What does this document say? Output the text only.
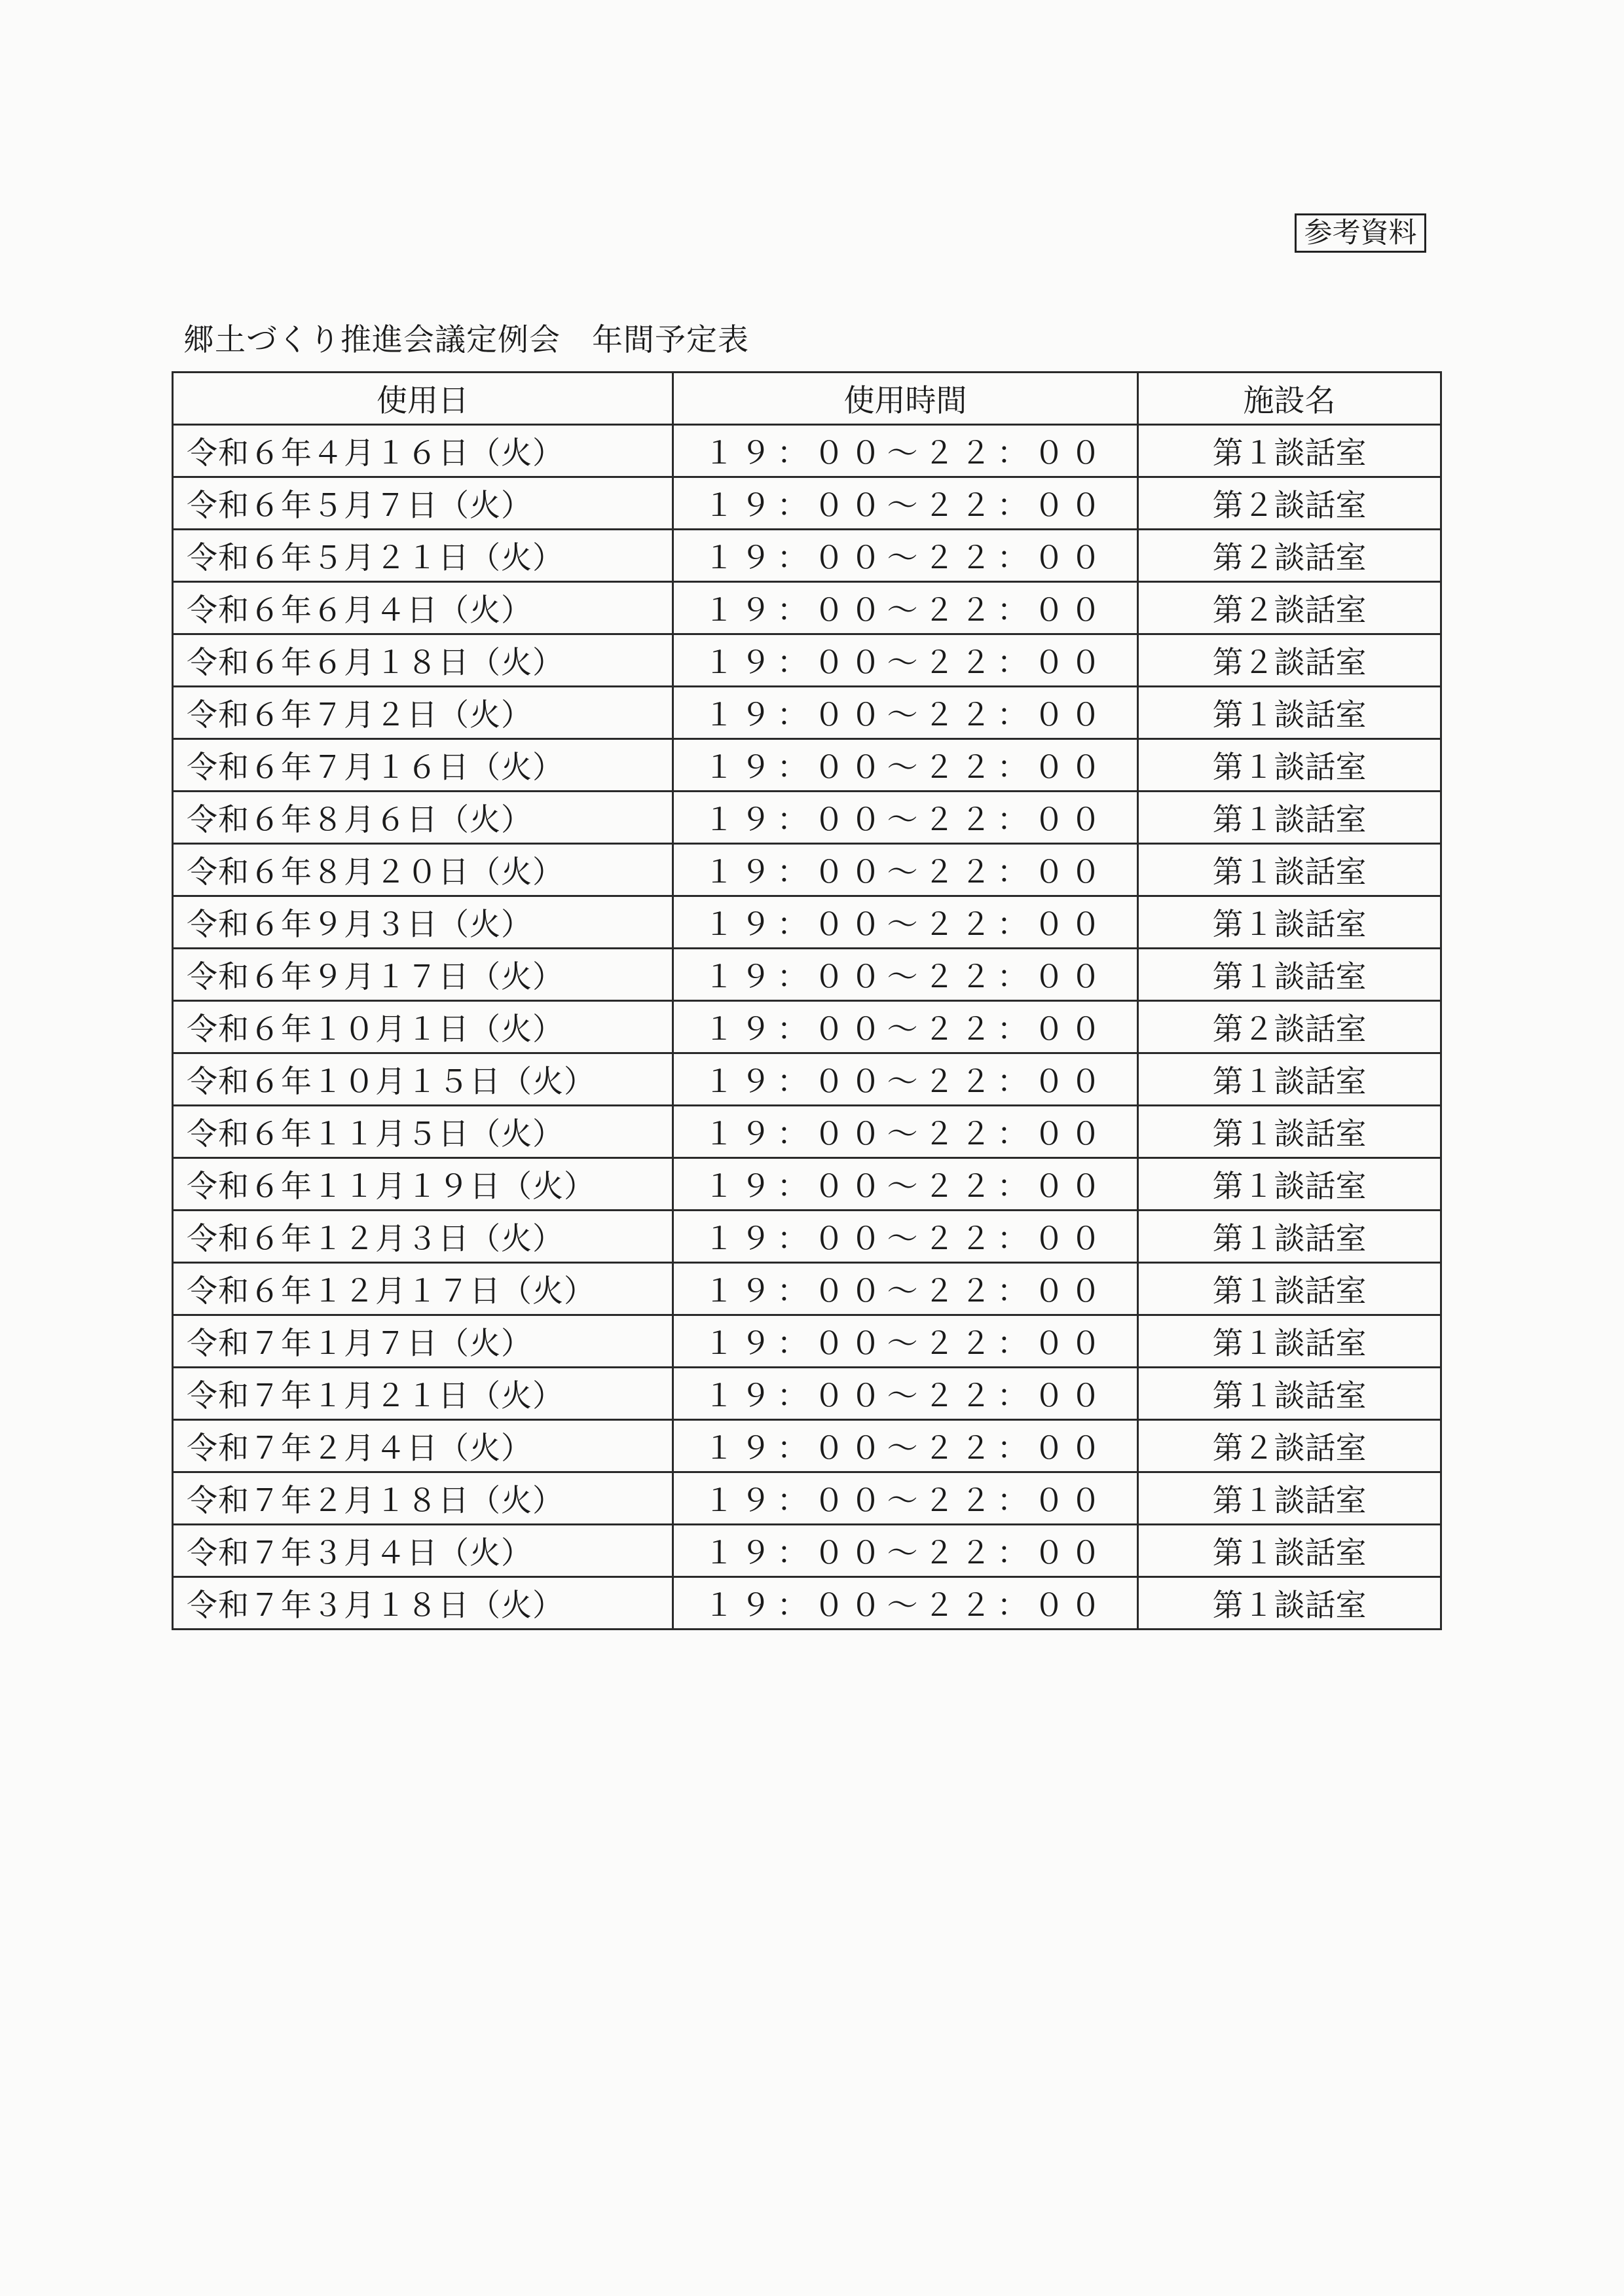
参考資料
郷土づくり推進会議定例会　年間予定表
使用日	使用時間	施設名
令和６年４月１６日（火）	１９：００～２２：００	第１談話室
令和６年５月７日（火）	１９：００～２２：００	第２談話室
令和６年５月２１日（火）	１９：００～２２：００	第２談話室
令和６年６月４日（火）	１９：００～２２：００	第２談話室
令和６年６月１８日（火）	１９：００～２２：００	第２談話室
令和６年７月２日（火）	１９：００～２２：００	第１談話室
令和６年７月１６日（火）	１９：００～２２：００	第１談話室
令和６年８月６日（火）	１９：００～２２：００	第１談話室
令和６年８月２０日（火）	１９：００～２２：００	第１談話室
令和６年９月３日（火）	１９：００～２２：００	第１談話室
令和６年９月１７日（火）	１９：００～２２：００	第１談話室
令和６年１０月１日（火）	１９：００～２２：００	第２談話室
令和６年１０月１５日（火）	１９：００～２２：００	第１談話室
令和６年１１月５日（火）	１９：００～２２：００	第１談話室
令和６年１１月１９日（火）	１９：００～２２：００	第１談話室
令和６年１２月３日（火）	１９：００～２２：００	第１談話室
令和６年１２月１７日（火）	１９：００～２２：００	第１談話室
令和７年１月７日（火）	１９：００～２２：００	第１談話室
令和７年１月２１日（火）	１９：００～２２：００	第１談話室
令和７年２月４日（火）	１９：００～２２：００	第２談話室
令和７年２月１８日（火）	１９：００～２２：００	第１談話室
令和７年３月４日（火）	１９：００～２２：００	第１談話室
令和７年３月１８日（火）	１９：００～２２：００	第１談話室
